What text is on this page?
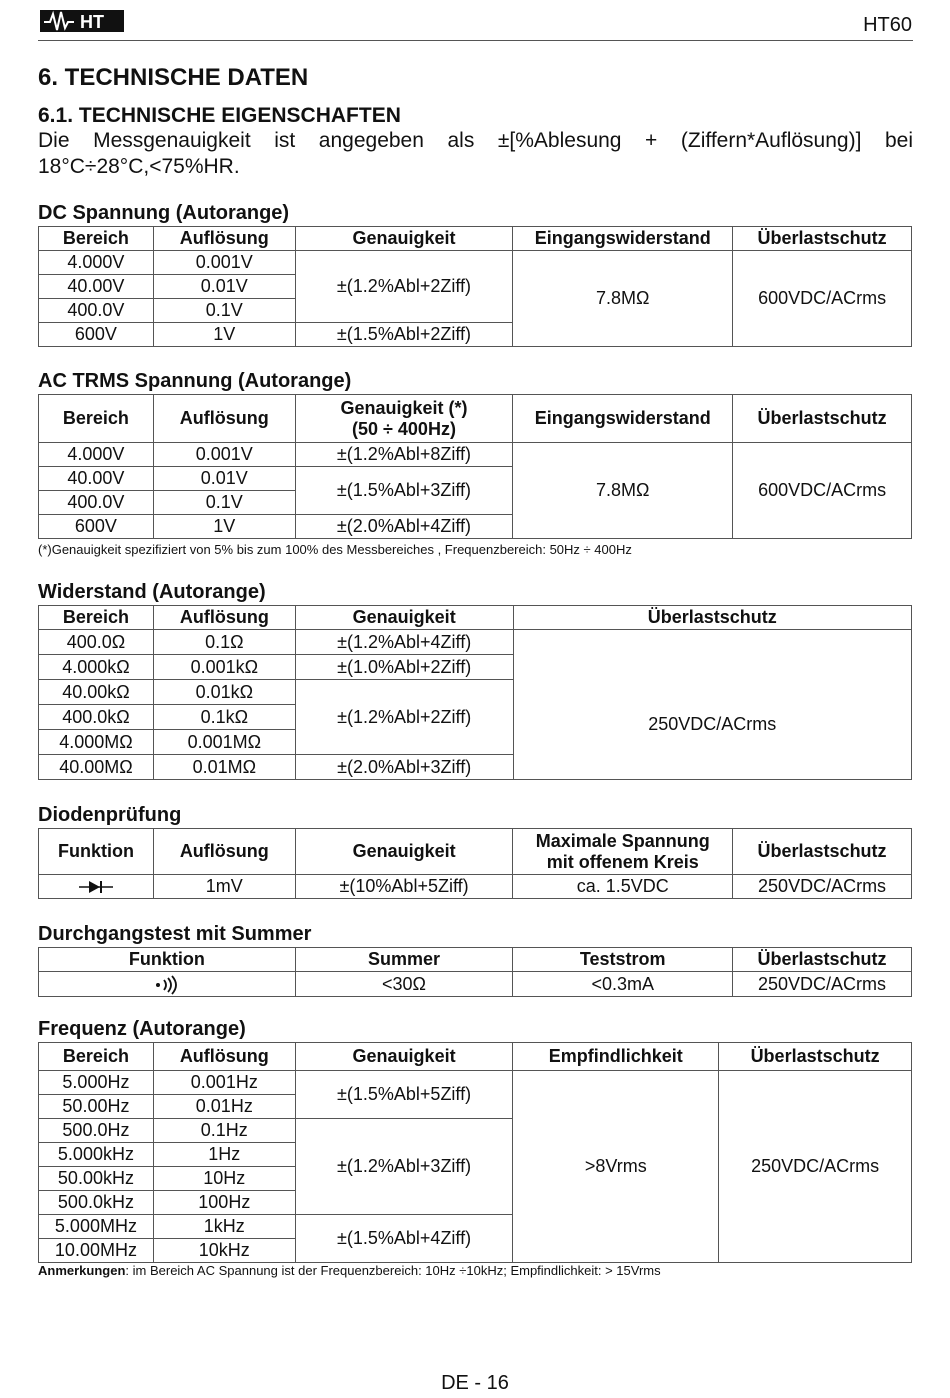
HT	HT60
6. TECHNISCHE DATEN
6.1. TECHNISCHE EIGENSCHAFTEN

Die Messgenauigkeit ist angegeben als ±[%Ablesung + (Ziffern*Auflösung)] bei

18°C÷28°C,<75%HR.

DC Spannung (Autorange)
Bereich	Auflösung	Genauigkeit	Eingangswiderstand	Überlastschutz
4.000V	0.001V	±(1.2%Abl+2Ziff)	7.8MΩ	600VDC/ACrms
40.00V	0.01V			
400.0V	0.1V			
600V	1V	±(1.5%Abl+2Ziff)		
AC TRMS Spannung (Autorange)
Bereich	Auflösung	Genauigkeit (*)
(50 ÷ 400Hz)	Eingangswiderstand	Überlastschutz
4.000V	0.001V	±(1.2%Abl+8Ziff)	7.8MΩ	600VDC/ACrms
40.00V	0.01V	±(1.5%Abl+3Ziff)		
400.0V	0.1V			
600V	1V	±(2.0%Abl+4Ziff)		
(*)Genauigkeit spezifiziert von 5% bis zum 100% des Messbereiches , Frequenzbereich: 50Hz ÷ 400Hz
Widerstand (Autorange)
Bereich	Auflösung	Genauigkeit	Überlastschutz
400.0Ω	0.1Ω	±(1.2%Abl+4Ziff)	250VDC/ACrms
4.000kΩ	0.001kΩ	±(1.0%Abl+2Ziff)	
40.00kΩ	0.01kΩ	±(1.2%Abl+2Ziff)	
400.0kΩ	0.1kΩ		
4.000MΩ	0.001MΩ		
40.00MΩ	0.01MΩ	±(2.0%Abl+3Ziff)	
Diodenprüfung
Funktion	Auflösung	Genauigkeit	Maximale Spannung
mit offenem Kreis	Überlastschutz
	1mV	±(10%Abl+5Ziff)	ca. 1.5VDC	250VDC/ACrms
Durchgangstest mit Summer
Funktion	Summer	Teststrom	Überlastschutz
	<30Ω	<0.3mA	250VDC/ACrms
Frequenz (Autorange)
Bereich	Auflösung	Genauigkeit	Empfindlichkeit	Überlastschutz
5.000Hz	0.001Hz	±(1.5%Abl+5Ziff)	>8Vrms	250VDC/ACrms
50.00Hz	0.01Hz			
500.0Hz	0.1Hz	±(1.2%Abl+3Ziff)		
5.000kHz	1Hz			
50.00kHz	10Hz			
500.0kHz	100Hz			
5.000MHz	1kHz	±(1.5%Abl+4Ziff)		
10.00MHz	10kHz			
Anmerkungen: im Bereich AC Spannung ist der Frequenzbereich: 10Hz ÷10kHz; Empfindlichkeit: > 15Vrms
DE - 16
